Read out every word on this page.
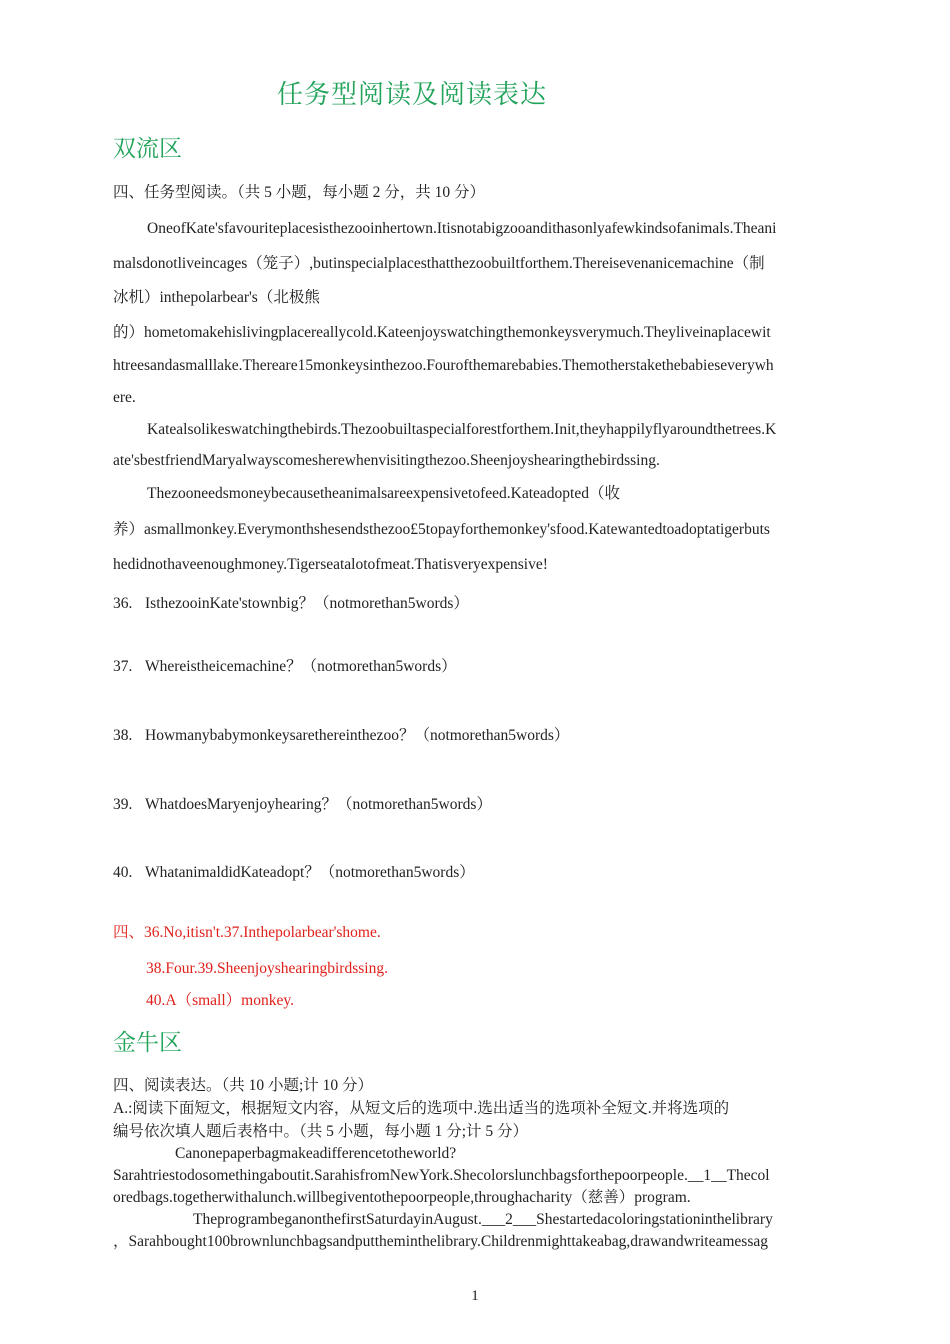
任务型阅读及阅读表达
双流区
四、任务型阅读。（共 5 小题，每小题 2 分，共 10 分）
OneofKate'sfavouriteplacesisthezooinhertown.Itisnotabigzooandithasonlyafewkindsofanimals.Theani
malsdonotliveincages（笼子）,butinspecialplacesthatthezoobuiltforthem.Thereisevenanicemachine（制
冰机）inthepolarbear's（北极熊
的）hometomakehislivingplacereallycold.Kateenjoyswatchingthemonkeysverymuch.Theyliveinaplacewit
htreesandasmalllake.Thereare15monkeysinthezoo.Fourofthemarebabies.Themotherstakethebabieseverywh
ere.
Katealsolikeswatchingthebirds.Thezoobuiltaspecialforestforthem.Init,theyhappilyflyaroundthetrees.K
ate'sbestfriendMaryalwayscomesherewhenvisitingthezoo.Sheenjoyshearingthebirdssing.
Thezooneedsmoneybecausetheanimalsareexpensivetofeed.Kateadopted（收
养）asmallmonkey.Everymonthshesendsthezoo£5topayforthemonkey'sfood.Katewantedtoadoptatigerbuts
hedidnothaveenoughmoney.Tigerseatalotofmeat.Thatisveryexpensive!
36. IsthezooinKate'stownbig？（notmorethan5words）
37. Whereistheicemachine？（notmorethan5words）
38. Howmanybabymonkeysarethereinthezoo？（notmorethan5words）
39. WhatdoesMaryenjoyhearing？（notmorethan5words）
40. WhatanimaldidKateadopt？（notmorethan5words）
四、36.No,itisn't.37.Inthepolarbear'shome.
38.Four.39.Sheenjoyshearingbirdssing.
40.A（small）monkey.
金牛区
四、阅读表达。（共 10 小题;计 10 分）
A.:阅读下面短文，根据短文内容，从短文后的选项中.选出适当的选项补全短文.并将选项的
编号依次填人题后表格中。（共 5 小题，每小题 1 分;计 5 分）
Canonepaperbagmakeadifferencetotheworld?
Sarahtriestodosomethingaboutit.SarahisfromNewYork.Shecolorslunchbagsforthepoorpeople.__1__Thecol
oredbags.togetherwithalunch.willbegiventothepoorpeople,throughacharity（慈善）program.
TheprogrambeganonthefirstSaturdayinAugust.___2___Shestartedacoloringstationinthelibrary
，Sarahbought100brownlunchbagsandputtheminthelibrary.Childrenmighttakeabag,drawandwriteamessag
1
